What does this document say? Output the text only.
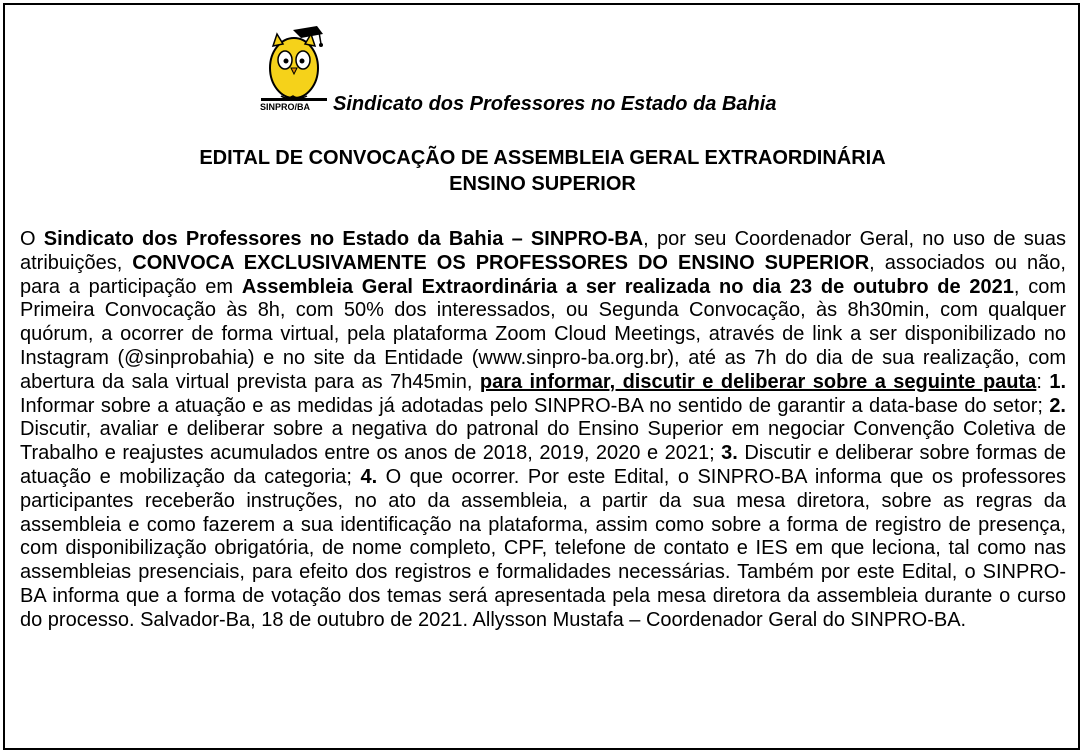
SINPRO/BA Sindicato dos Professores no Estado da Bahia
EDITAL DE CONVOCAÇÃO DE ASSEMBLEIA GERAL EXTRAORDINÁRIA
ENSINO SUPERIOR
O Sindicato dos Professores no Estado da Bahia – SINPRO-BA, por seu Coordenador Geral, no uso de suas atribuições, CONVOCA EXCLUSIVAMENTE OS PROFESSORES DO ENSINO SUPERIOR, associados ou não, para a participação em Assembleia Geral Extraordinária a ser realizada no dia 23 de outubro de 2021, com Primeira Convocação às 8h, com 50% dos interessados, ou Segunda Convocação, às 8h30min, com qualquer quórum, a ocorrer de forma virtual, pela plataforma Zoom Cloud Meetings, através de link a ser disponibilizado no Instagram (@sinprobahia) e no site da Entidade (www.sinpro-ba.org.br), até as 7h do dia de sua realização, com abertura da sala virtual prevista para as 7h45min, para informar, discutir e deliberar sobre a seguinte pauta: 1. Informar sobre a atuação e as medidas já adotadas pelo SINPRO-BA no sentido de garantir a data-base do setor; 2. Discutir, avaliar e deliberar sobre a negativa do patronal do Ensino Superior em negociar Convenção Coletiva de Trabalho e reajustes acumulados entre os anos de 2018, 2019, 2020 e 2021; 3. Discutir e deliberar sobre formas de atuação e mobilização da categoria; 4. O que ocorrer. Por este Edital, o SINPRO-BA informa que os professores participantes receberão instruções, no ato da assembleia, a partir da sua mesa diretora, sobre as regras da assembleia e como fazerem a sua identificação na plataforma, assim como sobre a forma de registro de presença, com disponibilização obrigatória, de nome completo, CPF, telefone de contato e IES em que leciona, tal como nas assembleias presenciais, para efeito dos registros e formalidades necessárias. Também por este Edital, o SINPRO-BA informa que a forma de votação dos temas será apresentada pela mesa diretora da assembleia durante o curso do processo. Salvador-Ba, 18 de outubro de 2021. Allysson Mustafa – Coordenador Geral do SINPRO-BA.
